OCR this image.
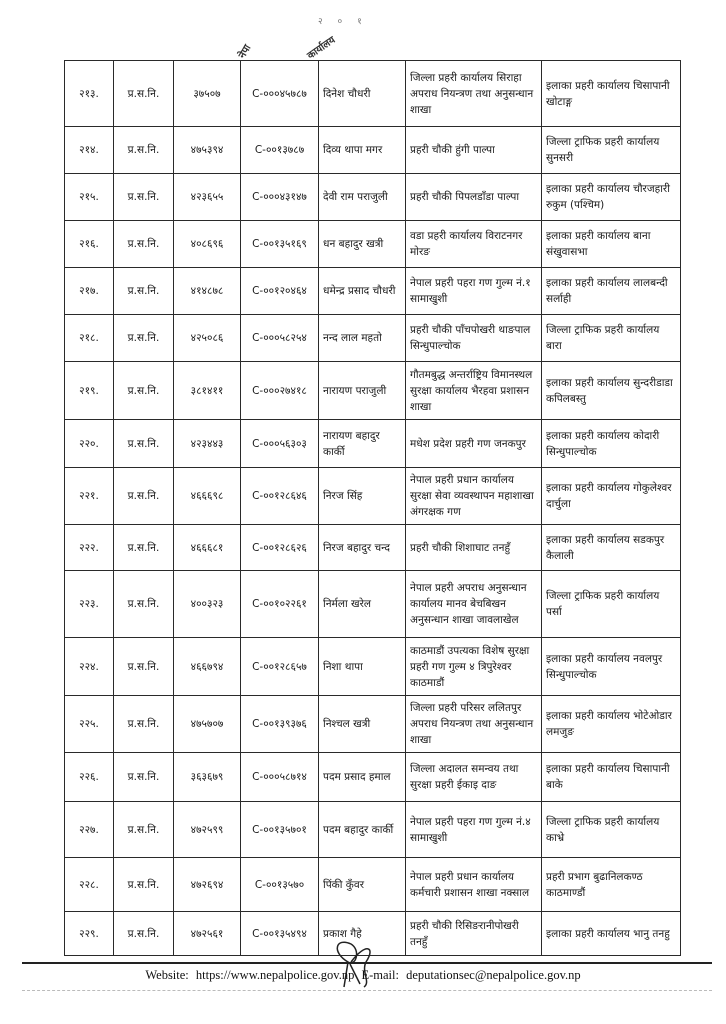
२ ० १
नेपा	कार्यालय
२१३.	प्र.स.नि.	३७५०७	C-०००४५७८७	दिनेश चौधरी	जिल्ला प्रहरी कार्यालय सिराहा अपराध नियन्त्रण तथा अनुसन्धान शाखा	इलाका प्रहरी कार्यालय चिसापानी खोटाङ्ग
२१४.	प्र.स.नि.	४७५३९४	C-००१३७८७	दिव्य थापा मगर	प्रहरी चौकी हुंगी पाल्पा	जिल्ला ट्राफिक प्रहरी कार्यालय सुनसरी
२१५.	प्र.स.नि.	४२३६५५	C-०००४३१४७	देवी राम पराजुली	प्रहरी चौकी पिपलडाँडा पाल्पा	इलाका प्रहरी कार्यालय चौरजहारी रुकुम (पश्चिम)
२१६.	प्र.स.नि.	४०८६९६	C-००१३५१६९	धन बहादुर खत्री	वडा प्रहरी कार्यालय विराटनगर मोरङ	इलाका प्रहरी कार्यालय बाना संखुवासभा
२१७.	प्र.स.नि.	४१४८७८	C-००१२०४६४	धमेन्द्र प्रसाद चौधरी	नेपाल प्रहरी पहरा गण गुल्म नं.१ सामाखुशी	इलाका प्रहरी कार्यालय लालबन्दी सर्लाही
२१८.	प्र.स.नि.	४२५०८६	C-०००५८२५४	नन्द लाल महतो	प्रहरी चौकी पाँचपोखरी थाङपाल सिन्धुपाल्चोक	जिल्ला ट्राफिक प्रहरी कार्यालय बारा
२१९.	प्र.स.नि.	३८१४११	C-०००२७४१८	नारायण पराजुली	गौतमबुद्ध अन्तर्राष्ट्रिय विमानस्थल सुरक्षा कार्यालय भैरहवा प्रशासन शाखा	इलाका प्रहरी कार्यालय सुन्दरीडाडा कपिलबस्तु
२२०.	प्र.स.नि.	४२३४४३	C-०००५६३०३	नारायण बहादुर कार्की	मधेश प्रदेश प्रहरी गण जनकपुर	इलाका प्रहरी कार्यालय कोदारी सिन्धुपाल्चोक
२२१.	प्र.स.नि.	४६६६९८	C-००१२८६४६	निरज सिंह	नेपाल प्रहरी प्रधान कार्यालय सुरक्षा सेवा व्यवस्थापन महाशाखा अंगरक्षक गण	इलाका प्रहरी कार्यालय गोकुलेश्वर दार्चुला
२२२.	प्र.स.नि.	४६६६८१	C-००१२८६२६	निरज बहादुर चन्द	प्रहरी चौकी शिशाघाट तनहुँ	इलाका प्रहरी कार्यालय सडकपुर कैलाली
२२३.	प्र.स.नि.	४००३२३	C-००१०२२६१	निर्मला खरेल	नेपाल प्रहरी अपराध अनुसन्धान कार्यालय मानव बेचबिखन अनुसन्धान शाखा जावलाखेल	जिल्ला ट्राफिक प्रहरी कार्यालय पर्सा
२२४.	प्र.स.नि.	४६६७९४	C-००१२८६५७	निशा थापा	काठमाडौं उपत्यका विशेष सुरक्षा प्रहरी गण गुल्म ४ त्रिपुरेश्वर काठमाडौं	इलाका प्रहरी कार्यालय नवलपुर सिन्धुपाल्चोक
२२५.	प्र.स.नि.	४७५७०७	C-००१३९३७६	निश्चल खत्री	जिल्ला प्रहरी परिसर ललितपुर अपराध नियन्त्रण तथा अनुसन्धान शाखा	इलाका प्रहरी कार्यालय भोटेओडार लमजुङ
२२६.	प्र.स.नि.	३६३६७९	C-०००५८७१४	पदम प्रसाद हमाल	जिल्ला अदालत समन्वय तथा सुरक्षा प्रहरी ईकाइ दाङ	इलाका प्रहरी कार्यालय चिसापानी बाके
२२७.	प्र.स.नि.	४७२५९९	C-००१३५७०१	पदम बहादुर कार्की	नेपाल प्रहरी पहरा गण गुल्म नं.४ सामाखुशी	जिल्ला ट्राफिक प्रहरी कार्यालय काभ्रे
२२८.	प्र.स.नि.	४७२६९४	C-००१३५७०	पिंकी कुँवर	नेपाल प्रहरी प्रधान कार्यालय कर्मचारी प्रशासन शाखा नक्साल	प्रहरी प्रभाग बुढानिलकण्ठ काठमाण्डौं
२२९.	प्र.स.नि.	४७२५६१	C-००१३५४९४	प्रकाश गैहे	प्रहरी चौकी रिसिङरानीपोखरी तनहुँ	इलाका प्रहरी कार्यालय भानु तनहु
Website: https://www.nepalpolice.gov.np E-mail: deputationsec@nepalpolice.gov.np
